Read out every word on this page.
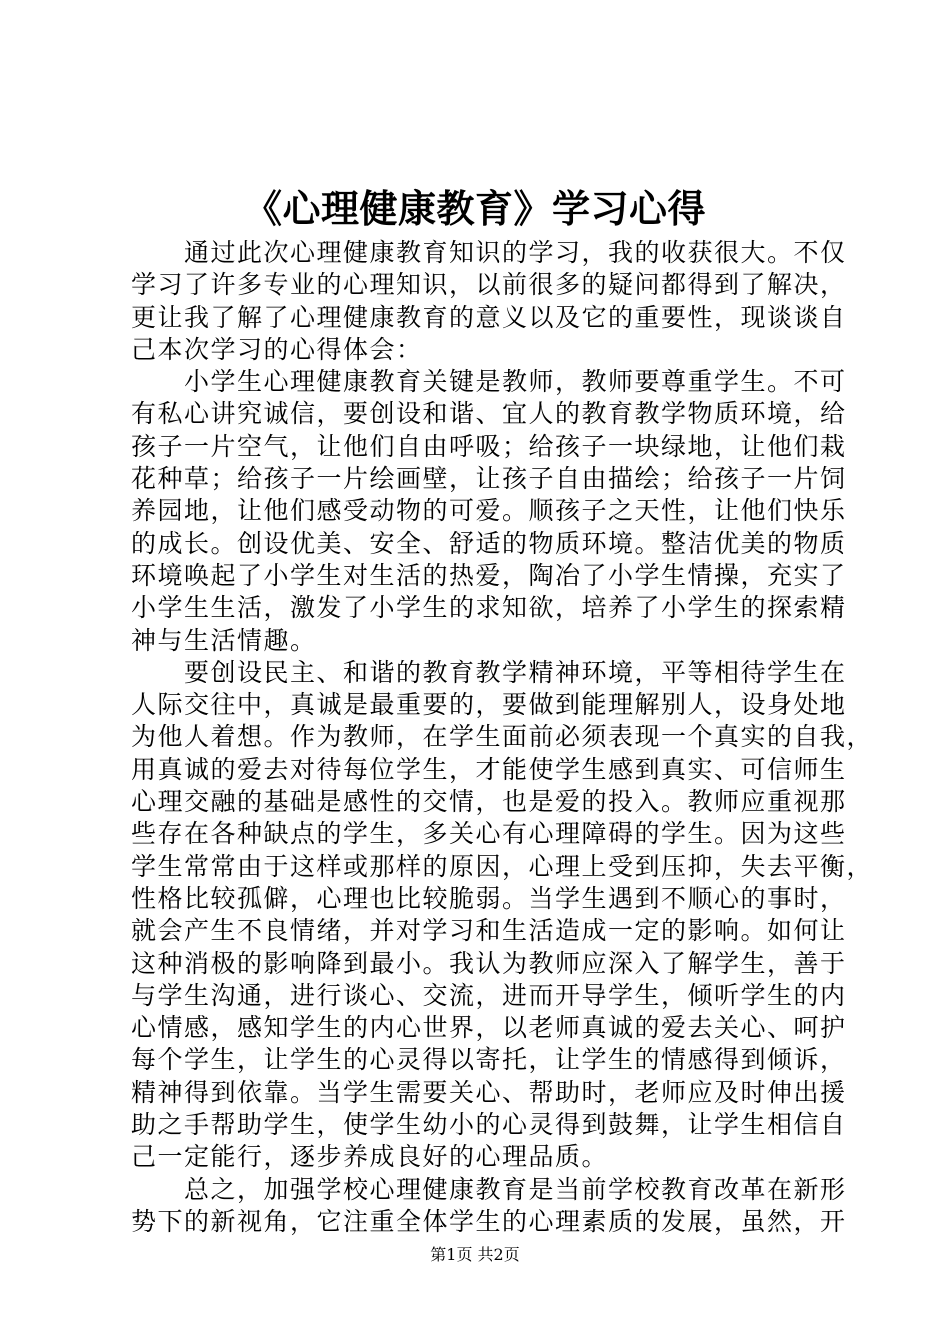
《心理健康教育》学习心得
　　通过此次心理健康教育知识的学习，我的收获很大。不仅
学习了许多专业的心理知识，以前很多的疑问都得到了解决，
更让我了解了心理健康教育的意义以及它的重要性，现谈谈自
己本次学习的心得体会：
　　小学生心理健康教育关键是教师，教师要尊重学生。不可
有私心讲究诚信，要创设和谐、宜人的教育教学物质环境，给
孩子一片空气，让他们自由呼吸；给孩子一块绿地，让他们栽
花种草；给孩子一片绘画壁，让孩子自由描绘；给孩子一片饲
养园地，让他们感受动物的可爱。顺孩子之天性，让他们快乐
的成长。创设优美、安全、舒适的物质环境。整洁优美的物质
环境唤起了小学生对生活的热爱，陶冶了小学生情操，充实了
小学生生活，激发了小学生的求知欲，培养了小学生的探索精
神与生活情趣。
　　要创设民主、和谐的教育教学精神环境，平等相待学生在
人际交往中，真诚是最重要的，要做到能理解别人，设身处地
为他人着想。作为教师，在学生面前必须表现一个真实的自我，
用真诚的爱去对待每位学生，才能使学生感到真实、可信师生
心理交融的基础是感性的交情，也是爱的投入。教师应重视那
些存在各种缺点的学生，多关心有心理障碍的学生。因为这些
学生常常由于这样或那样的原因，心理上受到压抑，失去平衡，
性格比较孤僻，心理也比较脆弱。当学生遇到不顺心的事时，
就会产生不良情绪，并对学习和生活造成一定的影响。如何让
这种消极的影响降到最小。我认为教师应深入了解学生，善于
与学生沟通，进行谈心、交流，进而开导学生，倾听学生的内
心情感，感知学生的内心世界，以老师真诚的爱去关心、呵护
每个学生，让学生的心灵得以寄托，让学生的情感得到倾诉，
精神得到依靠。当学生需要关心、帮助时，老师应及时伸出援
助之手帮助学生，使学生幼小的心灵得到鼓舞，让学生相信自
己一定能行，逐步养成良好的心理品质。
　　总之，加强学校心理健康教育是当前学校教育改革在新形
势下的新视角，它注重全体学生的心理素质的发展，虽然，开
第1页 共2页
